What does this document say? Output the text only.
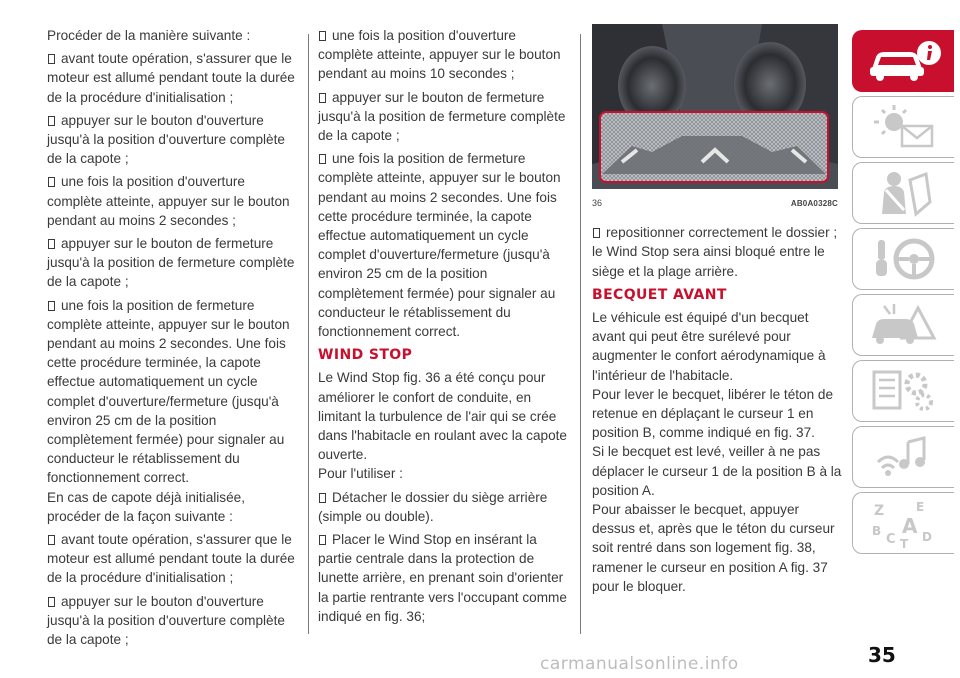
Procéder de la manière suivante :

avant toute opération, s'assurer que le moteur est allumé pendant toute la durée de la procédure d'initialisation ;

appuyer sur le bouton d'ouverture jusqu'à la position d'ouverture complète de la capote ;

une fois la position d'ouverture complète atteinte, appuyer sur le bouton pendant au moins 2 secondes ;

appuyer sur le bouton de fermeture jusqu'à la position de fermeture complète de la capote ;

une fois la position de fermeture complète atteinte, appuyer sur le bouton pendant au moins 2 secondes. Une fois cette procédure terminée, la capote effectue automatiquement un cycle complet d'ouverture/fermeture (jusqu'à environ 25 cm de la position complètement fermée) pour signaler au conducteur le rétablissement du fonctionnement correct.

En cas de capote déjà initialisée, procéder de la façon suivante :

avant toute opération, s'assurer que le moteur est allumé pendant toute la durée de la procédure d'initialisation ;

appuyer sur le bouton d'ouverture jusqu'à la position d'ouverture complète de la capote ;

une fois la position d'ouverture complète atteinte, appuyer sur le bouton pendant au moins 10 secondes ;

appuyer sur le bouton de fermeture jusqu'à la position de fermeture complète de la capote ;

une fois la position de fermeture complète atteinte, appuyer sur le bouton pendant au moins 2 secondes. Une fois cette procédure terminée, la capote effectue automatiquement un cycle complet d'ouverture/fermeture (jusqu'à environ 25 cm de la position complètement fermée) pour signaler au conducteur le rétablissement du fonctionnement correct.

WIND STOP

Le Wind Stop fig. 36 a été conçu pour améliorer le confort de conduite, en limitant la turbulence de l'air qui se crée dans l'habitacle en roulant avec la capote ouverte.

Pour l'utiliser :

Détacher le dossier du siège arrière (simple ou double).

Placer le Wind Stop en insérant la partie centrale dans la protection de lunette arrière, en prenant soin d'orienter la partie rentrante vers l'occupant comme indiqué en fig. 36;

36	AB0A0328C

repositionner correctement le dossier ; le Wind Stop sera ainsi bloqué entre le siège et la plage arrière.

BECQUET AVANT

Le véhicule est équipé d'un becquet avant qui peut être surélevé pour augmenter le confort aérodynamique à l'intérieur de l'habitacle.

Pour lever le becquet, libérer le téton de retenue en déplaçant le curseur 1 en position B, comme indiqué en fig. 37.

Si le becquet est levé, veiller à ne pas déplacer le curseur 1 de la position B à la position A.

Pour abaisser le becquet, appuyer dessus et, après que le téton du curseur soit rentré dans son logement fig. 38, ramener le curseur en position A fig. 37 pour le bloquer.

Z	E
B A
C T D
35
carmanualsonline.info
